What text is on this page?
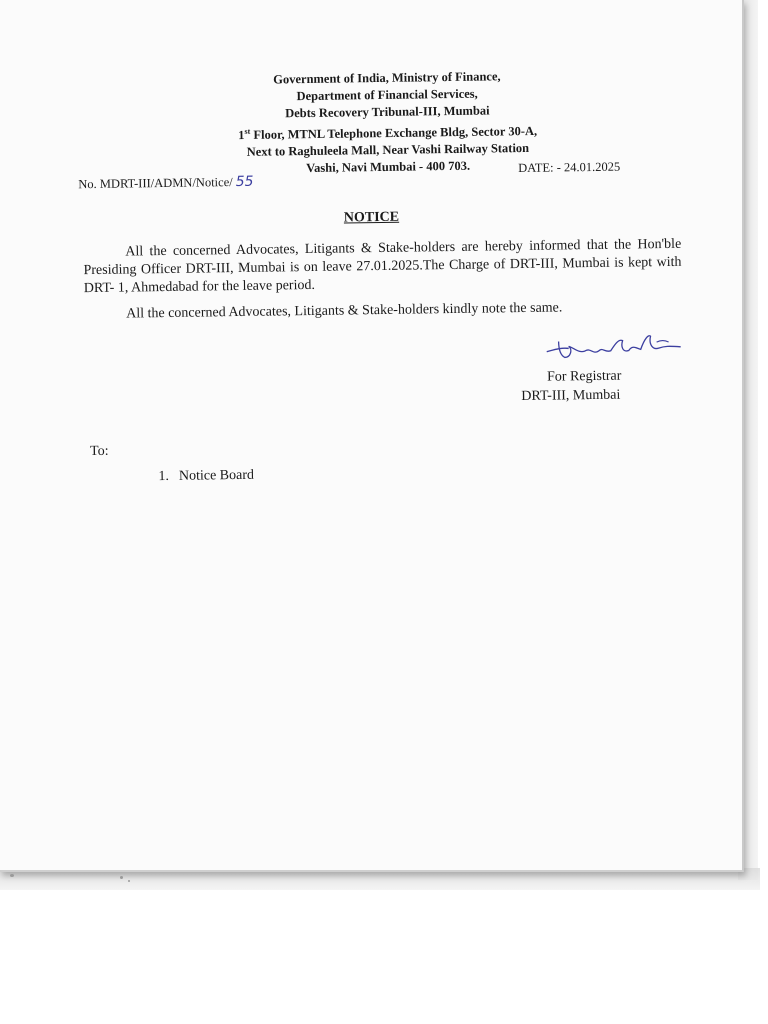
Government of India, Ministry of Finance,
Department of Financial Services,
Debts Recovery Tribunal-III, Mumbai
1st Floor, MTNL Telephone Exchange Bldg, Sector 30-A,
Next to Raghuleela Mall, Near Vashi Railway Station
Vashi, Navi Mumbai - 400 703.
No. MDRT-III/ADMN/Notice/ 55
DATE: - 24.01.2025
NOTICE
All the concerned Advocates, Litigants & Stake-holders are hereby informed that the Hon'ble Presiding Officer DRT-III, Mumbai is on leave 27.01.2025.The Charge of DRT-III, Mumbai is kept with DRT- 1, Ahmedabad for the leave period.
All the concerned Advocates, Litigants & Stake-holders kindly note the same.
For Registrar
DRT-III, Mumbai
To:
1. Notice Board
